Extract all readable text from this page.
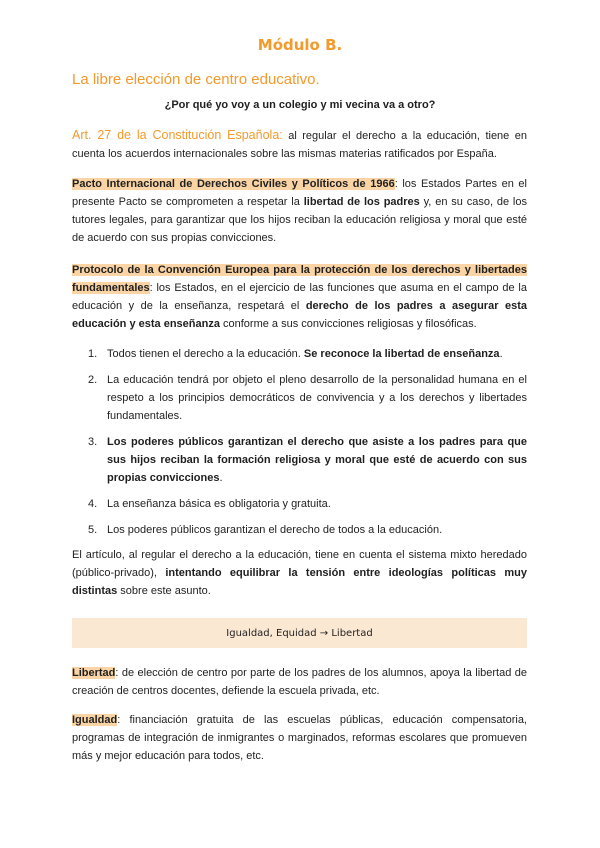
Módulo B.
La libre elección de centro educativo.
¿Por qué yo voy a un colegio y mi vecina va a otro?

Art. 27 de la Constitución Española: al regular el derecho a la educación, tiene en cuenta los acuerdos internacionales sobre las mismas materias ratificados por España.

Pacto Internacional de Derechos Civiles y Políticos de 1966: los Estados Partes en el presente Pacto se comprometen a respetar la libertad de los padres y, en su caso, de los tutores legales, para garantizar que los hijos reciban la educación religiosa y moral que esté de acuerdo con sus propias convicciones.

Protocolo de la Convención Europea para la protección de los derechos y libertades fundamentales: los Estados, en el ejercicio de las funciones que asuma en el campo de la educación y de la enseñanza, respetará el derecho de los padres a asegurar esta educación y esta enseñanza conforme a sus convicciones religiosas y filosóficas.

1. Todos tienen el derecho a la educación. Se reconoce la libertad de enseñanza.
2. La educación tendrá por objeto el pleno desarrollo de la personalidad humana en el respeto a los principios democráticos de convivencia y a los derechos y libertades fundamentales.
3. Los poderes públicos garantizan el derecho que asiste a los padres para que sus hijos reciban la formación religiosa y moral que esté de acuerdo con sus propias convicciones.
4. La enseñanza básica es obligatoria y gratuita.
5. Los poderes públicos garantizan el derecho de todos a la educación.

El artículo, al regular el derecho a la educación, tiene en cuenta el sistema mixto heredado (público-privado), intentando equilibrar la tensión entre ideologías políticas muy distintas sobre este asunto.

Igualdad, Equidad → Libertad

Libertad: de elección de centro por parte de los padres de los alumnos, apoya la libertad de creación de centros docentes, defiende la escuela privada, etc.

Igualdad: financiación gratuita de las escuelas públicas, educación compensatoria, programas de integración de inmigrantes o marginados, reformas escolares que promueven más y mejor educación para todos, etc.
